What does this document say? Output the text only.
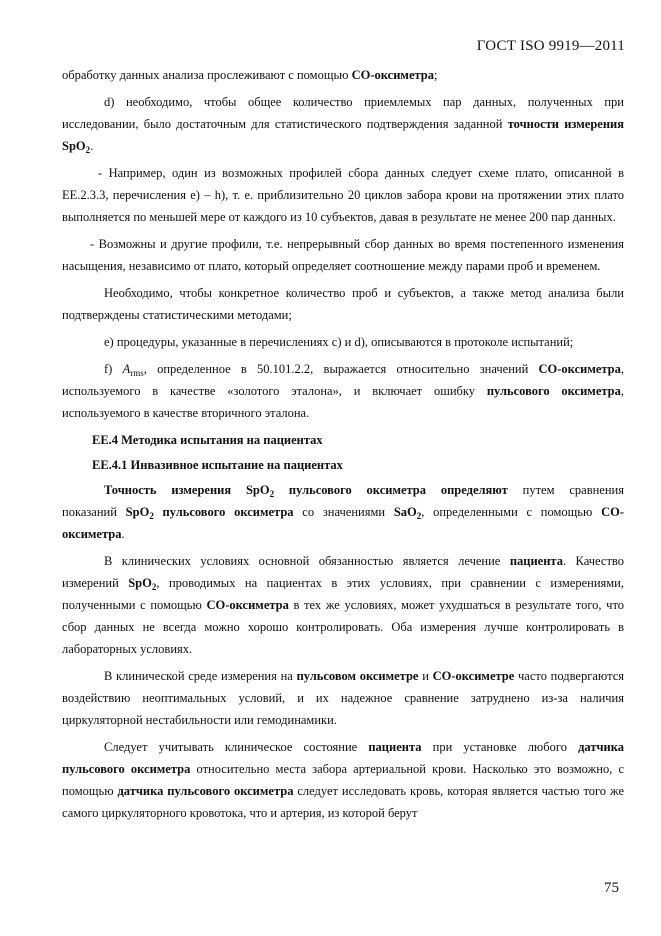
ГОСТ ISO 9919—2011

обработку данных анализа прослеживают с помощью СО-оксиметра;

d) необходимо, чтобы общее количество приемлемых пар данных, полученных при исследовании, было достаточным для статистического подтверждения заданной точности измерения SpO$_2$.

- Например, один из возможных профилей сбора данных следует схеме плато, описанной в ЕЕ.2.3.3, перечисления е) – h), т. е. приблизительно 20 циклов забора крови на протяжении этих плато выполняется по меньшей мере от каждого из 10 субъектов, давая в результате не менее 200 пар данных.

- Возможны и другие профили, т.е. непрерывный сбор данных во время постепенного изменения насыщения, независимо от плато, который определяет соотношение между парами проб и временем.

Необходимо, чтобы конкретное количество проб и субъектов, а также метод анализа были подтверждены статистическими методами;

е) процедуры, указанные в перечислениях с) и d), описываются в протоколе испытаний;

f) $A_{rms}$, определенное в 50.101.2.2, выражается относительно значений СО-оксиметра, используемого в качестве «золотого эталона», и включает ошибку пульсового оксиметра, используемого в качестве вторичного эталона.

ЕЕ.4 Методика испытания на пациентах

ЕЕ.4.1 Инвазивное испытание на пациентах

Точность измерения SpO$_2$ пульсового оксиметра определяют путем сравнения показаний SpO$_2$ пульсового оксиметра со значениями SaO$_2$, определенными с помощью СО-оксиметра.

В клинических условиях основной обязанностью является лечение пациента. Качество измерений SpO$_2$, проводимых на пациентах в этих условиях, при сравнении с измерениями, полученными с помощью СО-оксиметра в тех же условиях, может ухудшаться в результате того, что сбор данных не всегда можно хорошо контролировать. Оба измерения лучше контролировать в лабораторных условиях.

В клинической среде измерения на пульсовом оксиметре и СО-оксиметре часто подвергаются воздействию неоптимальных условий, и их надежное сравнение затруднено из-за наличия циркуляторной нестабильности или гемодинамики.

Следует учитывать клиническое состояние пациента при установке любого датчика пульсового оксиметра относительно места забора артериальной крови. Насколько это возможно, с помощью датчика пульсового оксиметра следует исследовать кровь, которая является частью того же самого циркуляторного кровотока, что и артерия, из которой берут

75
